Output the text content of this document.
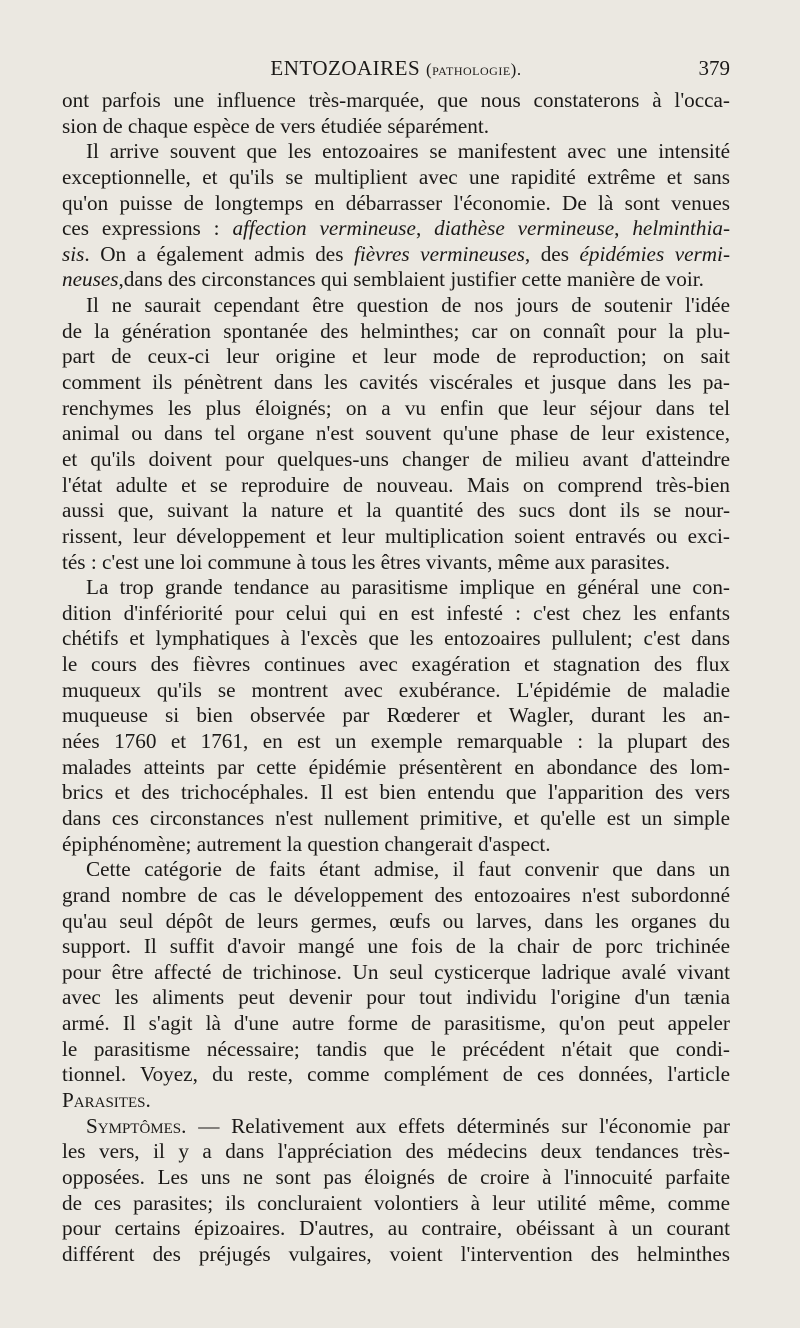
ENTOZOAIRES (pathologie).	379
ont parfois une influence très-marquée, que nous constaterons à l'occa-
sion de chaque espèce de vers étudiée séparément.
Il arrive souvent que les entozoaires se manifestent avec une intensité
exceptionnelle, et qu'ils se multiplient avec une rapidité extrême et sans
qu'on puisse de longtemps en débarrasser l'économie. De là sont venues
ces expressions : affection vermineuse, diathèse vermineuse, helminthia-
sis. On a également admis des fièvres vermineuses, des épidémies vermi-
neuses,dans des circonstances qui semblaient justifier cette manière de voir.
Il ne saurait cependant être question de nos jours de soutenir l'idée
de la génération spontanée des helminthes; car on connaît pour la plu-
part de ceux-ci leur origine et leur mode de reproduction; on sait
comment ils pénètrent dans les cavités viscérales et jusque dans les pa-
renchymes les plus éloignés; on a vu enfin que leur séjour dans tel
animal ou dans tel organe n'est souvent qu'une phase de leur existence,
et qu'ils doivent pour quelques-uns changer de milieu avant d'atteindre
l'état adulte et se reproduire de nouveau. Mais on comprend très-bien
aussi que, suivant la nature et la quantité des sucs dont ils se nour-
rissent, leur développement et leur multiplication soient entravés ou exci-
tés : c'est une loi commune à tous les êtres vivants, même aux parasites.
La trop grande tendance au parasitisme implique en général une con-
dition d'infériorité pour celui qui en est infesté : c'est chez les enfants
chétifs et lymphatiques à l'excès que les entozoaires pullulent; c'est dans
le cours des fièvres continues avec exagération et stagnation des flux
muqueux qu'ils se montrent avec exubérance. L'épidémie de maladie
muqueuse si bien observée par Rœderer et Wagler, durant les an-
nées 1760 et 1761, en est un exemple remarquable : la plupart des
malades atteints par cette épidémie présentèrent en abondance des lom-
brics et des trichocéphales. Il est bien entendu que l'apparition des vers
dans ces circonstances n'est nullement primitive, et qu'elle est un simple
épiphénomène; autrement la question changerait d'aspect.
Cette catégorie de faits étant admise, il faut convenir que dans un
grand nombre de cas le développement des entozoaires n'est subordonné
qu'au seul dépôt de leurs germes, œufs ou larves, dans les organes du
support. Il suffit d'avoir mangé une fois de la chair de porc trichinée
pour être affecté de trichinose. Un seul cysticerque ladrique avalé vivant
avec les aliments peut devenir pour tout individu l'origine d'un tænia
armé. Il s'agit là d'une autre forme de parasitisme, qu'on peut appeler
le parasitisme nécessaire; tandis que le précédent n'était que condi-
tionnel. Voyez, du reste, comme complément de ces données, l'article
Parasites.
Symptômes. — Relativement aux effets déterminés sur l'économie par
les vers, il y a dans l'appréciation des médecins deux tendances très-
opposées. Les uns ne sont pas éloignés de croire à l'innocuité parfaite
de ces parasites; ils concluraient volontiers à leur utilité même, comme
pour certains épizoaires. D'autres, au contraire, obéissant à un courant
différent des préjugés vulgaires, voient l'intervention des helminthes
